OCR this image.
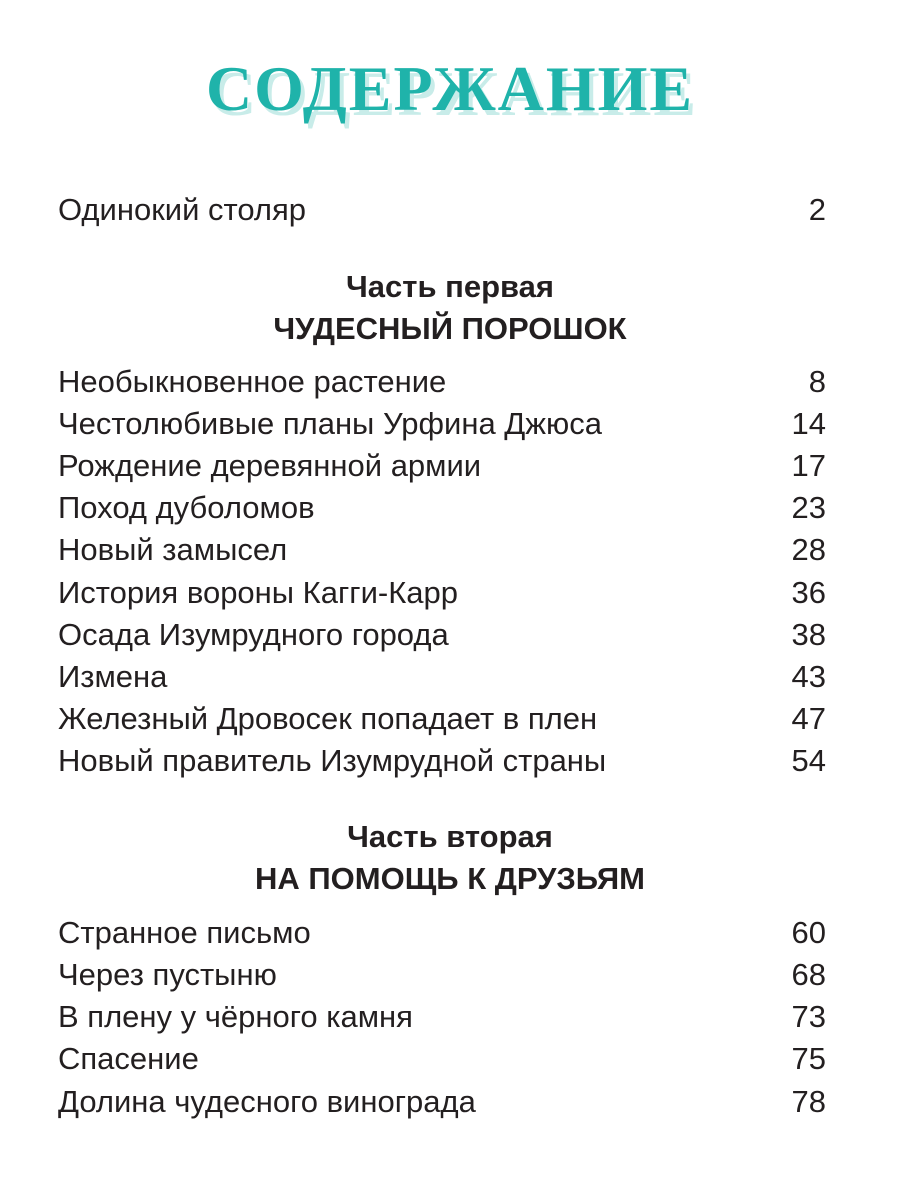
СОДЕРЖАНИЕ
Одинокий столяр	2
Часть первая
ЧУДЕСНЫЙ ПОРОШОК
Необыкновенное растение	8
Честолюбивые планы Урфина Джюса	14
Рождение деревянной армии	17
Поход дуболомов	23
Новый замысел	28
История вороны Кагги-Карр	36
Осада Изумрудного города	38
Измена	43
Железный Дровосек попадает в плен	47
Новый правитель Изумрудной страны	54
Часть вторая
НА ПОМОЩЬ К ДРУЗЬЯМ
Странное письмо	60
Через пустыню	68
В плену у чёрного камня	73
Спасение	75
Долина чудесного винограда	78
